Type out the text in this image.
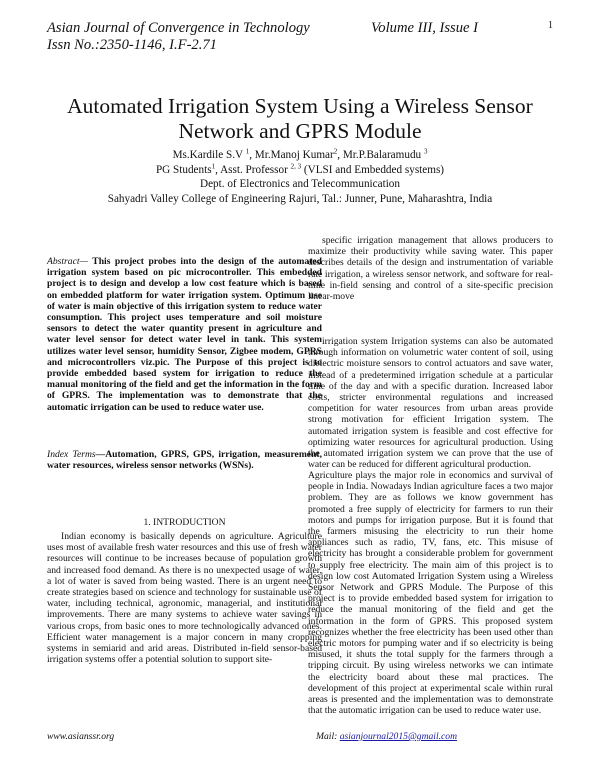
Asian Journal of Convergence in Technology
Issn No.:2350-1146, I.F-2.71
Volume III, Issue I	1
Automated Irrigation System Using a Wireless Sensor Network and GPRS Module
Ms.Kardile S.V $^1$, Mr.Manoj Kumar$^2$, Mr.P.Balaramudu $^3$
PG Students$^1$, Asst. Professor $^{2, 3}$ (VLSI and Embedded systems)
Dept. of Electronics and Telecommunication
Sahyadri Valley College of Engineering Rajuri, Tal.: Junner, Pune, Maharashtra, India

Abstract— This project probes into the design of the automated irrigation system based on pic microcontroller. This embedded project is to design and develop a low cost feature which is based on embedded platform for water irrigation system. Optimum use of water is main objective of this irrigation system to reduce water consumption. This project uses temperature and soil moisture sensors to detect the water quantity present in agriculture and water level sensor for detect water level in tank. This system utilizes water level sensor, humidity Sensor, Zigbee modem, GPRS and microcontrollers viz.pic. The Purpose of this project is to provide embedded based system for irrigation to reduce the manual monitoring of the field and get the information in the form of GPRS. The implementation was to demonstrate that the automatic irrigation can be used to reduce water use.

Index Terms—Automation, GPRS, GPS, irrigation, measurement, water resources, wireless sensor networks (WSNs).

1. INTRODUCTION

Indian economy is basically depends on agriculture. Agriculture uses most of available fresh water resources and this use of fresh water resources will continue to be increases because of population growth and increased food demand. As there is no unexpected usage of water, a lot of water is saved from being wasted. There is an urgent need to create strategies based on science and technology for sustainable use of water, including technical, agronomic, managerial, and institutional improvements. There are many systems to achieve water savings in various crops, from basic ones to more technologically advanced ones. Efficient water management is a major concern in many cropping systems in semiarid and arid areas. Distributed in-field sensor-based irrigation systems offer a potential solution to support site-

specific irrigation management that allows producers to maximize their productivity while saving water. This paper describes details of the design and instrumentation of variable rate irrigation, a wireless sensor network, and software for real-time in-field sensing and control of a site-specific precision linear-move

irrigation system Irrigation systems can also be automated through information on volumetric water content of soil, using dielectric moisture sensors to control actuators and save water, instead of a predetermined irrigation schedule at a particular time of the day and with a specific duration. Increased labor costs, stricter environmental regulations and increased competition for water resources from urban areas provide strong motivation for efficient Irrigation system. The automated irrigation system is feasible and cost effective for optimizing water resources for agricultural production. Using the automated irrigation system we can prove that the use of water can be reduced for different agricultural production.

Agriculture plays the major role in economics and survival of people in India. Nowadays Indian agriculture faces a two major problem. They are as follows we know government has promoted a free supply of electricity for farmers to run their motors and pumps for irrigation purpose. But it is found that the farmers misusing the electricity to run their home appliances such as radio, TV, fans, etc. This misuse of electricity has brought a considerable problem for government to supply free electricity. The main aim of this project is to design low cost Automated Irrigation System using a Wireless Sensor Network and GPRS Module. The Purpose of this project is to provide embedded based system for irrigation to reduce the manual monitoring of the field and get the information in the form of GPRS. This proposed system recognizes whether the free electricity has been used other than electric motors for pumping water and if so electricity is being misused, it shuts the total supply for the farmers through a tripping circuit. By using wireless networks we can intimate the electricity board about these mal practices. The development of this project at experimental scale within rural areas is presented and the implementation was to demonstrate that the automatic irrigation can be used to reduce water use.

www.asianssr.org	Mail: asianjournal2015@gmail.com
